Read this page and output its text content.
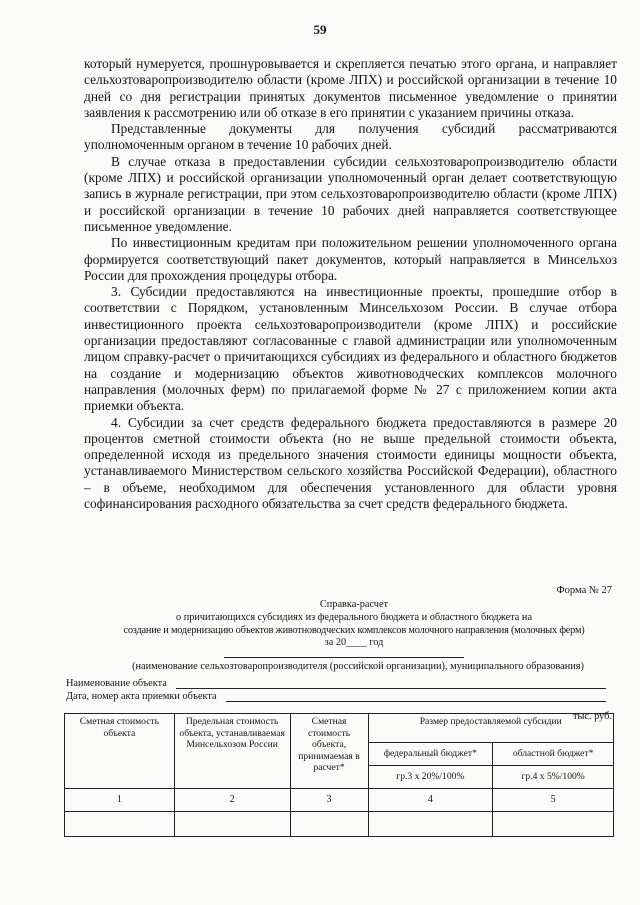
59

который нумеруется, прошнуровывается и скрепляется печатью этого органа, и направляет сельхозтоваропроизводителю области (кроме ЛПХ) и российской организации в течение 10 дней со дня регистрации принятых документов письменное уведомление о принятии заявления к рассмотрению или об отказе в его принятии с указанием причины отказа.

Представленные документы для получения субсидий рассматриваются уполномоченным органом в течение 10 рабочих дней.

В случае отказа в предоставлении субсидии сельхозтоваропроизводителю области (кроме ЛПХ) и российской организации уполномоченный орган делает соответствующую запись в журнале регистрации, при этом сельхозтоваропроизводителю области (кроме ЛПХ) и российской организации в течение 10 рабочих дней направляется соответствующее письменное уведомление.

По инвестиционным кредитам при положительном решении уполномоченного органа формируется соответствующий пакет документов, который направляется в Минсельхоз России для прохождения процедуры отбора.

3. Субсидии предоставляются на инвестиционные проекты, прошедшие отбор в соответствии с Порядком, установленным Минсельхозом России. В случае отбора инвестиционного проекта сельхозтоваропроизводители (кроме ЛПХ) и российские организации предоставляют согласованные с главой администрации или уполномоченным лицом справку-расчет о причитающихся субсидиях из федерального и областного бюджетов на создание и модернизацию объектов животноводческих комплексов молочного направления (молочных ферм) по прилагаемой форме № 27 с приложением копии акта приемки объекта.

4. Субсидии за счет средств федерального бюджета предоставляются в размере 20 процентов сметной стоимости объекта (но не выше предельной стоимости объекта, определенной исходя из предельного значения стоимости единицы мощности объекта, устанавливаемого Министерством сельского хозяйства Российской Федерации), областного – в объеме, необходимом для обеспечения установленного для области уровня софинансирования расходного обязательства за счет средств федерального бюджета.

Форма № 27
Справка-расчет
о причитающихся субсидиях из федерального бюджета и областного бюджета на
создание и модернизацию объектов животноводческих комплексов молочного направления (молочных ферм)
за 20____ год
(наименование сельхозтоваропроизводителя (российской организации), муниципального образования)
Наименование объекта
Дата, номер акта приемки объекта
тыс. руб.
Сметная стоимость объекта	Предельная стоимость объекта, устанавливаемая Минсельхозом России	Сметная стоимость объекта, принимаемая в расчет*	Размер предоставляемой субсидии	
			федеральный бюджет*	областной бюджет*
			гр.3 х 20%/100%	гр.4 х 5%/100%
1	2	3	4	5
